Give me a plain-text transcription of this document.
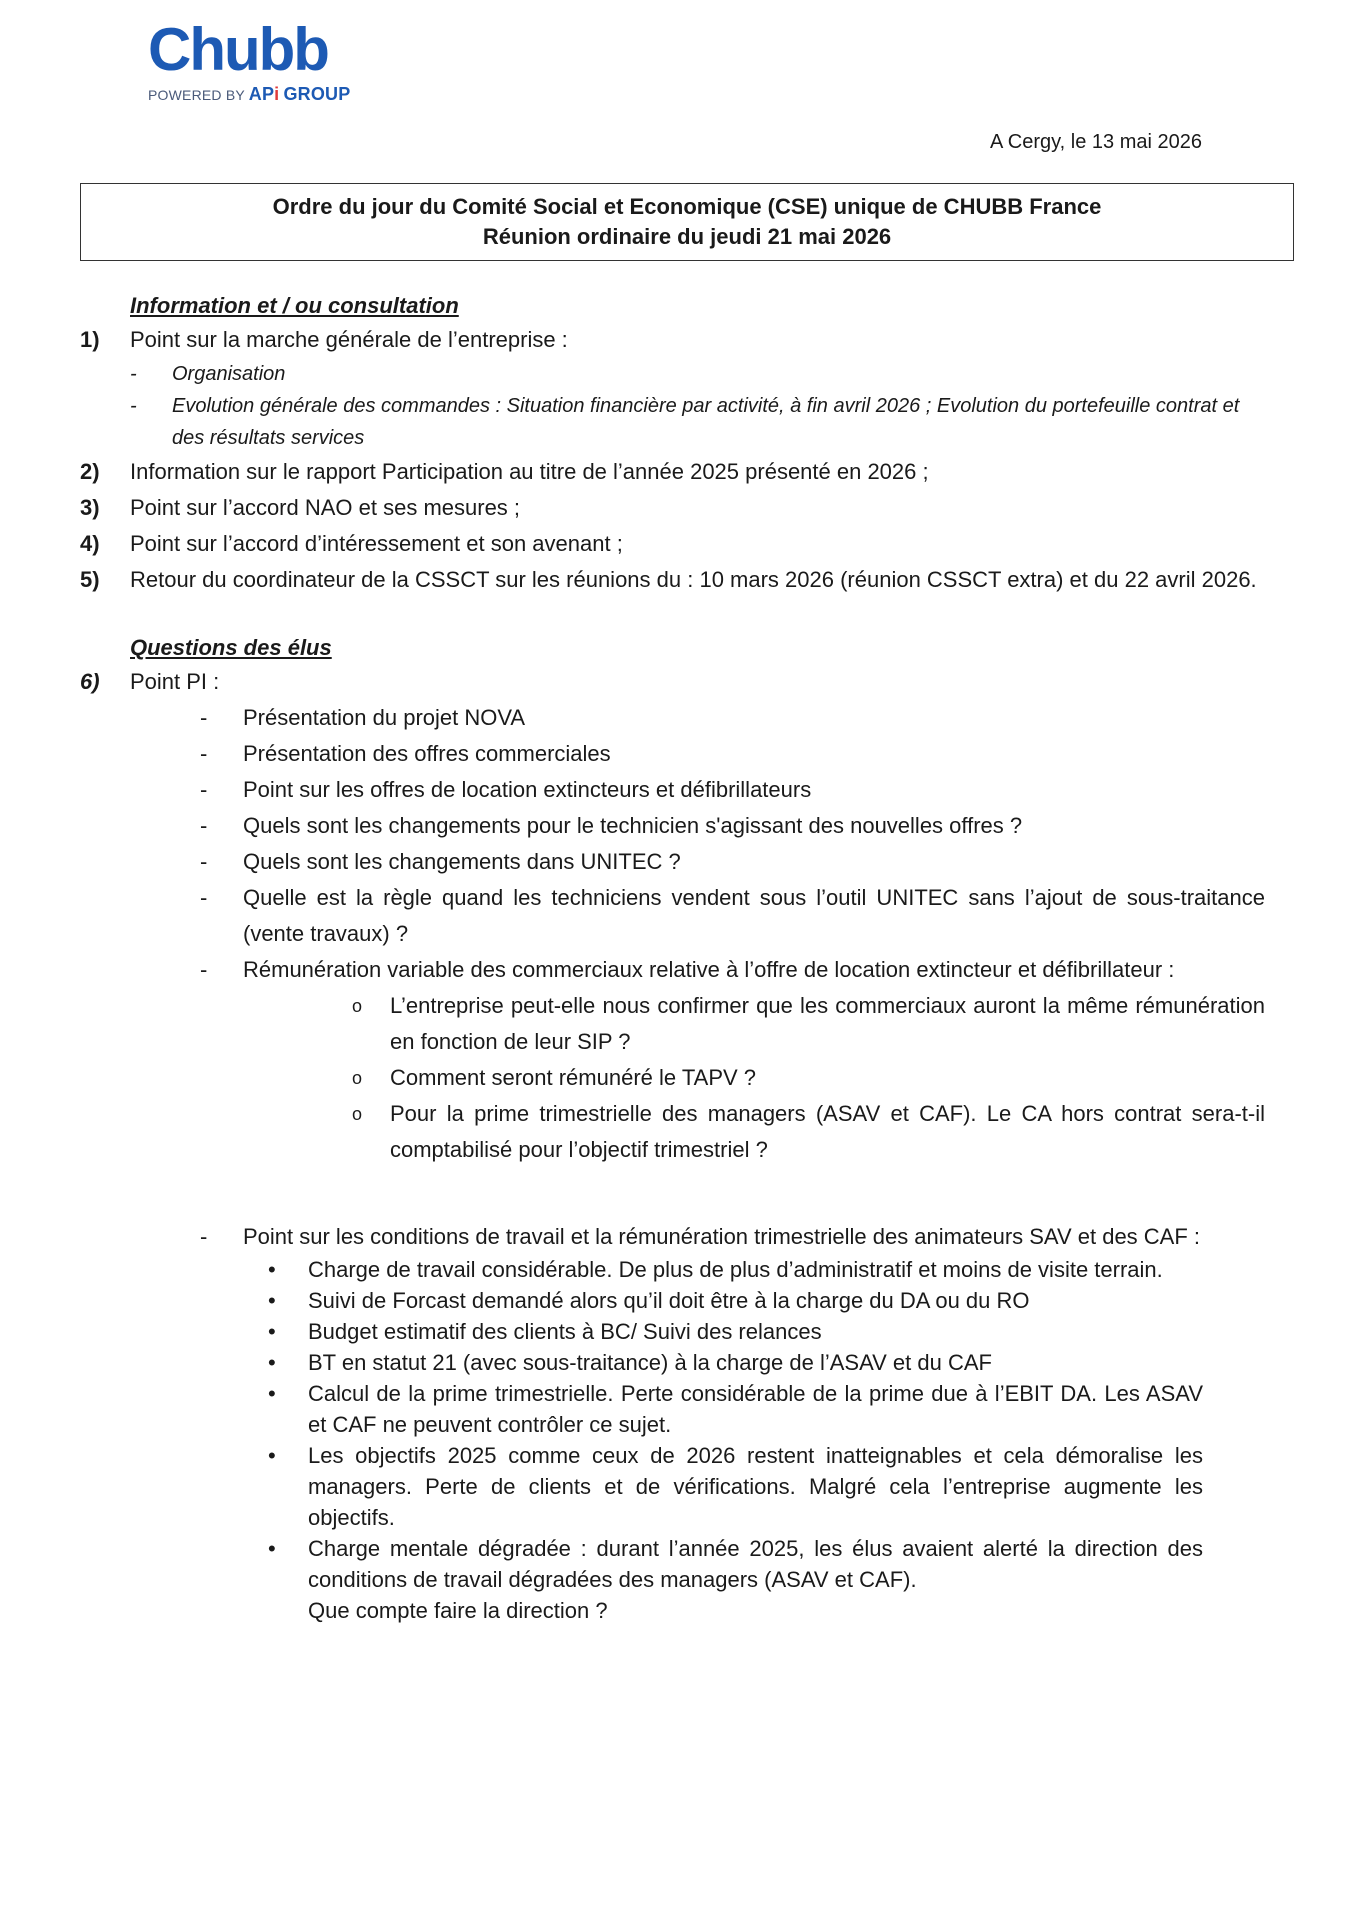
Chubb
POWERED BY APi GROUP
A Cergy, le 13 mai 2026
Ordre du jour du Comité Social et Economique (CSE) unique de CHUBB France
Réunion ordinaire du jeudi 21 mai 2026
Information et / ou consultation
1)	Point sur la marche générale de l’entreprise :
-	Organisation
-	Evolution générale des commandes : Situation financière par activité, à fin avril 2026 ; Evolution du portefeuille contrat et des résultats services
2)	Information sur le rapport Participation au titre de l’année 2025 présenté en 2026 ;
3)	Point sur l’accord NAO et ses mesures ;
4)	Point sur l’accord d’intéressement et son avenant ;
5)	Retour du coordinateur de la CSSCT sur les réunions du : 10 mars 2026 (réunion CSSCT extra) et du 22 avril 2026.
Questions des élus
6)	Point PI :
-	Présentation du projet NOVA
-	Présentation des offres commerciales
-	Point sur les offres de location extincteurs et défibrillateurs
-	Quels sont les changements pour le technicien s'agissant des nouvelles offres ?
-	Quels sont les changements dans UNITEC ?
-	Quelle est la règle quand les techniciens vendent sous l’outil UNITEC sans l’ajout de sous-traitance (vente travaux) ?
-	Rémunération variable des commerciaux relative à l’offre de location extincteur et défibrillateur :
o	L’entreprise peut-elle nous confirmer que les commerciaux auront la même rémunération en fonction de leur SIP ?
o	Comment seront rémunéré le TAPV ?
o	Pour la prime trimestrielle des managers (ASAV et CAF). Le CA hors contrat sera-t-il comptabilisé pour l’objectif trimestriel ?
-	Point sur les conditions de travail et la rémunération trimestrielle des animateurs SAV et des CAF :
•	Charge de travail considérable. De plus de plus d’administratif et moins de visite terrain.
•	Suivi de Forcast demandé alors qu’il doit être à la charge du DA ou du RO
•	Budget estimatif des clients à BC/ Suivi des relances
•	BT en statut 21 (avec sous-traitance) à la charge de l’ASAV et du CAF
•	Calcul de la prime trimestrielle. Perte considérable de la prime due à l’EBIT DA. Les ASAV et CAF ne peuvent contrôler ce sujet.
•	Les objectifs 2025 comme ceux de 2026 restent inatteignables et cela démoralise les managers. Perte de clients et de vérifications. Malgré cela l’entreprise augmente les objectifs.
•	Charge mentale dégradée : durant l’année 2025, les élus avaient alerté la direction des conditions de travail dégradées des managers (ASAV et CAF).
Que compte faire la direction ?
